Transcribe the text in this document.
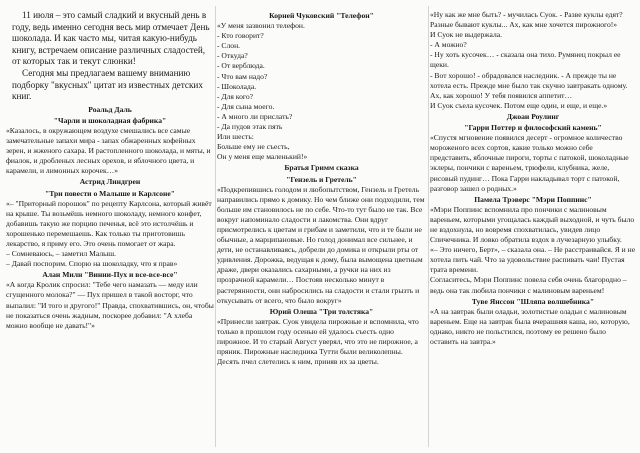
11 июля – это самый сладкий и вкусный день в году, ведь именно сегодня весь мир отмечает День шоколада. И как часто мы, читая какую-нибудь книгу, встречаем описание различных сладостей, от которых так и текут слюнки!

Сегодня мы предлагаем вашему вниманию подборку "вкусных" цитат из известных детских книг.

Роальд Даль
"Чарли и шоколадная фабрика"

«Казалось, в окружающем воздухе смешались все самые замечательные запахи мира - запах обжаренных кофейных зерен, и жженого сахара. И растопленного шоколада, и мяты, и фиалок, и дробленых лесных орехов, и яблочного цвета, и карамели, и лимонных корочек…»

Астрид Линдгрен
"Три повести о Малыше и Карлсоне"

«– "Приторный порошок" по рецепту Карлсона, который живёт на крыше. Ты возьмёшь немного шоколаду, немного конфет, добавишь такую же порцию печенья, всё это истолчёшь и хорошенько перемешаешь. Как только ты приготовишь лекарство, я приму его. Это очень помогает от жара.

– Сомневаюсь, – заметил Малыш.

– Давай поспорим. Спорю на шоколадку, что я прав»

Алан Милн "Винни-Пух и все-все-все"

«А когда Кролик спросил: "Тебе чего намазать — меду или сгущенного молока?" — Пух пришел в такой восторг, что выпалил: "И того и другого!" Правда, спохватившись, он, чтобы не показаться очень жадным, поскорее добавил: "А хлеба можно вообще не давать!"»

Корней Чуковский "Телефон"

«У меня зазвонил телефон.

- Кто говорит?

- Слон.

- Откуда?

- От верблюда.

- Что вам надо?

- Шоколада.

- Для кого?

- Для сына моего.

- А много ли прислать?

- Да пудов этак пять

Или шесть:

Больше ему не съесть,

Он у меня еще маленький!»

Братья Гримм сказка
"Гензель и Гретель"

«Подкрепившись голодом и любопытством, Гензель и Гретель направились прямо к домику. Но чем ближе они подходили, тем больше им становилось не по себе. Что-то тут было не так. Все вокруг напоминало сладости и лакомства. Они вдруг присмотрелись к цветам и грибам и заметили, что и те были не обычные, а марципановые. Но голод донимал все сильнее, и дети, не останавливаясь, добрели до домика и открыли рты от удивления. Дорожка, ведущая к дому, была вымощена цветным драже, двери оказались сахарными, а ручки на них из прозрачной карамели… Постояв несколько минут в растерянности, они набросились на сладости и стали грызть и откусывать от всего, что было вокруг»

Юрий Олеша "Три толстяка"

«Принесли завтрак. Суок увидела пирожные и вспомнила, что только в прошлом году осенью ей удалось съесть одно пирожное. И то старый Август уверял, что это не пирожное, а пряник. Пирожные наследника Тутти были великолепны. Десять пчел слетелись к ним, приняв их за цветы.

«Ну как же мне быть? - мучилась Суок. - Разве куклы едят? Разные бывают куклы... Ах, как мне хочется пирожного!»
И Суок не выдержала.
- А можно?
- Ну хоть кусочек… - сказала она тихо. Румянец покрыл ее щеки.
- Вот хорошо! - обрадовался наследник. - А прежде ты не хотела есть. Прежде мне было так скучно завтракать одному. Ах, как хорошо! У тебя появился аппетит…
И Суок съела кусочек. Потом еще один, и еще, и еще.»

Джоан Роулинг
"Гарри Поттер и философский камень"

«Спустя мгновение появился десерт - огромное количество мороженого всех сортов, какие только можно себе представить, яблочные пироги, торты с патокой, шоколадные эклеры, пончики с вареньем, трюфели, клубника, желе, рисовый пудинг… Пока Гарри накладывал торт с патокой, разговор зашел о родных.»

Памела Трэверс "Мэри Поппинс"

«Мэри Поппинс вспомнила про пончики с малиновым вареньем, которыми угощалась каждый выходной, и чуть было не вздохнула, но вовремя спохватилась, увидев лицо Спичечника. И ловко обратила вздох в лучезарную улыбку.
«– Это ничего, Берт», – сказала она. – Не расстраивайся. Я и не хотела пить чай. Что за удовольствие распивать чаи! Пустая трата времени.
Согласитесь, Мэри Поппинс повела себя очень благородно – ведь она так любила пончики с малиновым вареньем!

Туве Янссон "Шляпа волшебника"

«А на завтрак были оладьи, золотистые оладьи с малиновым вареньем. Еще на завтрак была вчерашняя каша, но, которую, однако, никто не польстился, поэтому ее решено было оставить на завтра.»
